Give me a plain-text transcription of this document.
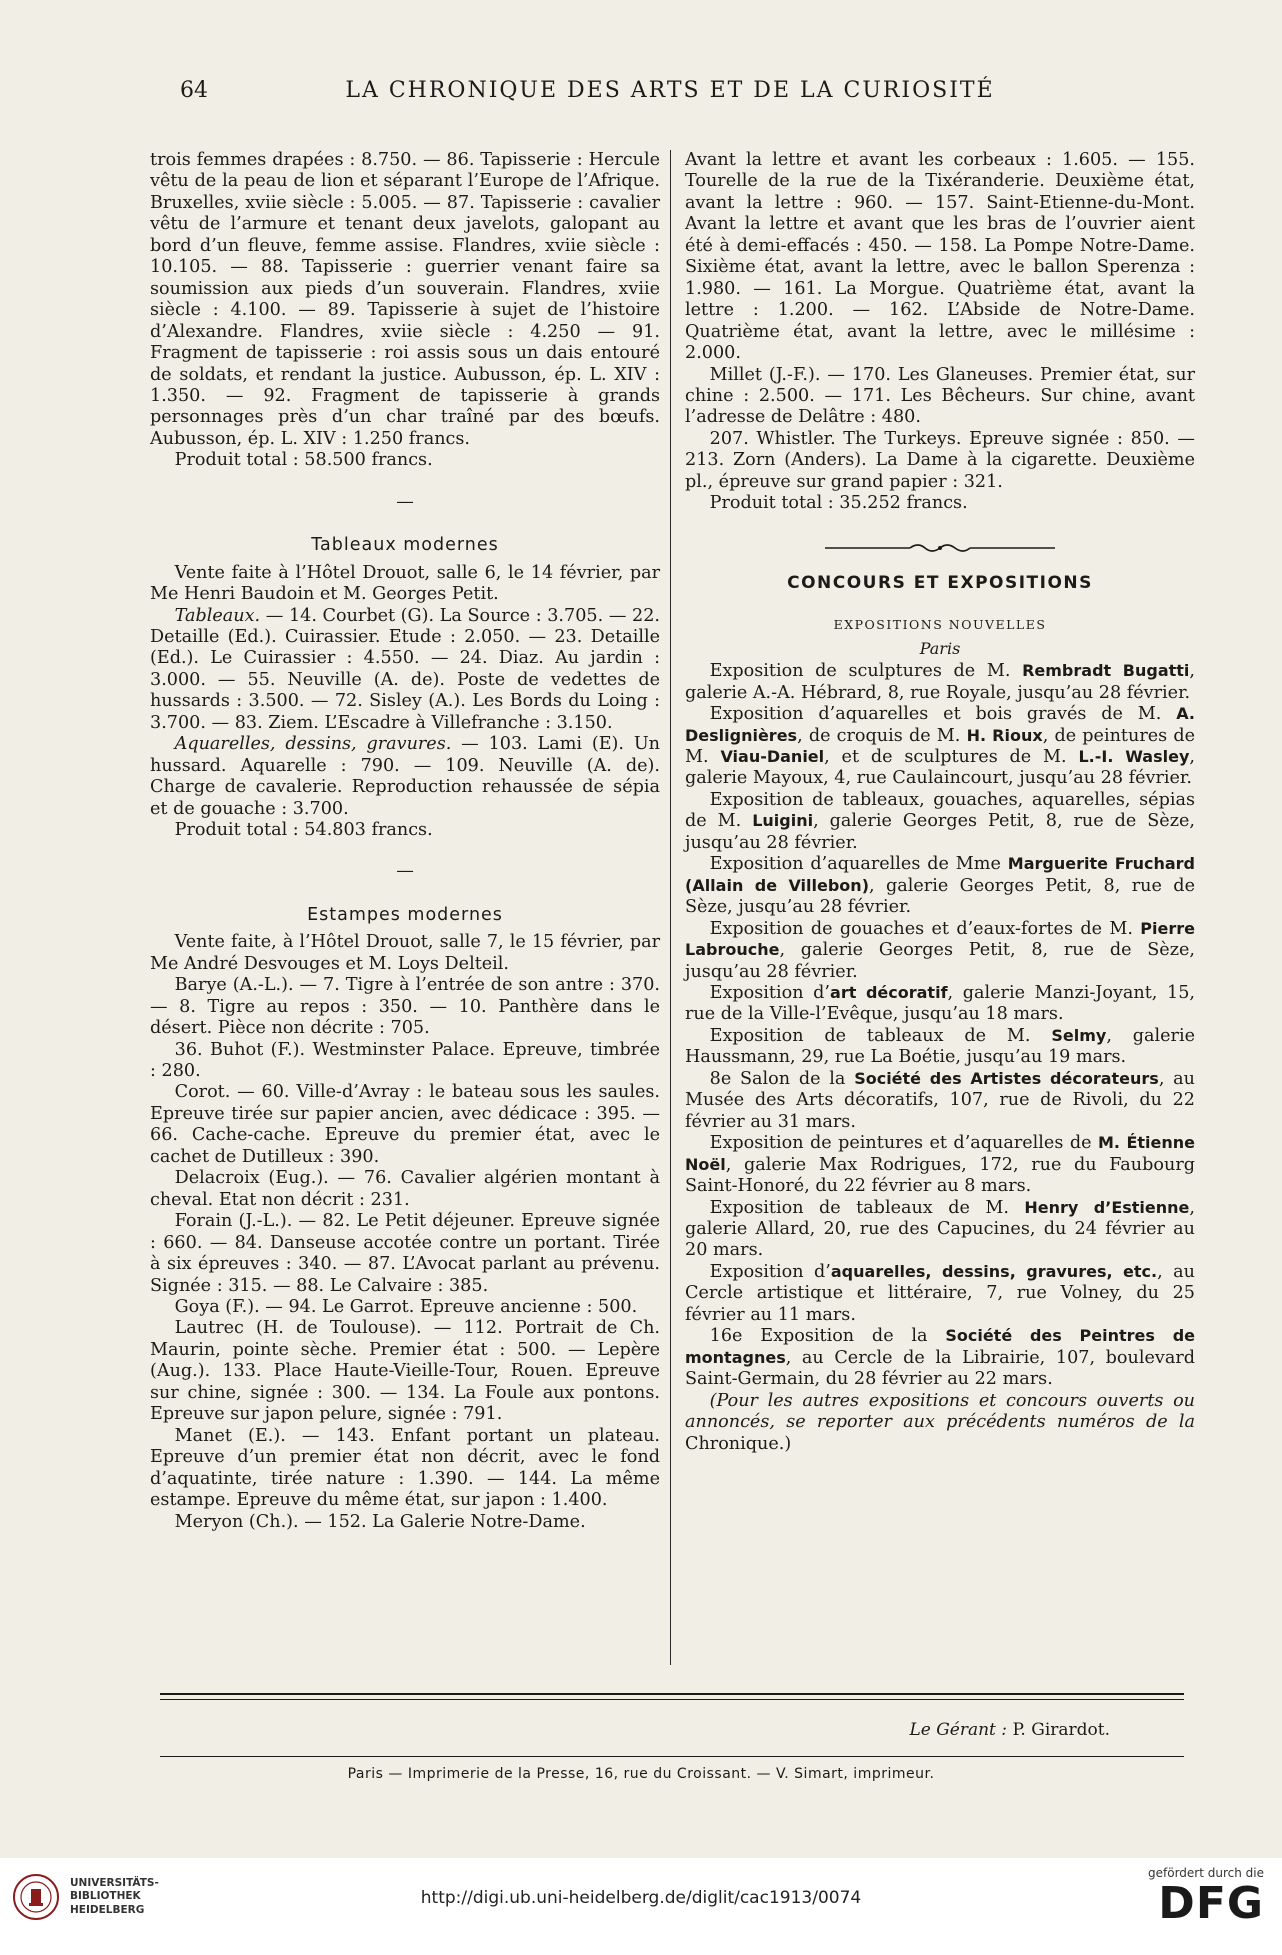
64	LA CHRONIQUE DES ARTS ET DE LA CURIOSITÉ

trois femmes drapées : 8.750. — 86. Tapisserie : Hercule vêtu de la peau de lion et séparant l’Europe de l’Afrique. Bruxelles, xviie siècle : 5.005. — 87. Tapisserie : cavalier vêtu de l’armure et tenant deux javelots, galopant au bord d’un fleuve, femme assise. Flandres, xviie siècle : 10.105. — 88. Tapisserie : guerrier venant faire sa soumission aux pieds d’un souverain. Flandres, xviie siècle : 4.100. — 89. Tapisserie à sujet de l’histoire d’Alexandre. Flandres, xviie siècle : 4.250 — 91. Fragment de tapisserie : roi assis sous un dais entouré de soldats, et rendant la justice. Aubusson, ép. L. XIV : 1.350. — 92. Fragment de tapisserie à grands personnages près d’un char traîné par des bœufs. Aubusson, ép. L. XIV : 1.250 francs.

Produit total : 58.500 francs.

—
Tableaux modernes

Vente faite à l’Hôtel Drouot, salle 6, le 14 février, par Me Henri Baudoin et M. Georges Petit.

Tableaux. — 14. Courbet (G). La Source : 3.705. — 22. Detaille (Ed.). Cuirassier. Etude : 2.050. — 23. Detaille (Ed.). Le Cuirassier : 4.550. — 24. Diaz. Au jardin : 3.000. — 55. Neuville (A. de). Poste de vedettes de hussards : 3.500. — 72. Sisley (A.). Les Bords du Loing : 3.700. — 83. Ziem. L’Escadre à Villefranche : 3.150.

Aquarelles, dessins, gravures. — 103. Lami (E). Un hussard. Aquarelle : 790. — 109. Neuville (A. de). Charge de cavalerie. Reproduction rehaussée de sépia et de gouache : 3.700.

Produit total : 54.803 francs.

—
Estampes modernes

Vente faite, à l’Hôtel Drouot, salle 7, le 15 février, par Me André Desvouges et M. Loys Delteil.

Barye (A.-L.). — 7. Tigre à l’entrée de son antre : 370. — 8. Tigre au repos : 350. — 10. Panthère dans le désert. Pièce non décrite : 705.

36. Buhot (F.). Westminster Palace. Epreuve, timbrée : 280.

Corot. — 60. Ville-d’Avray : le bateau sous les saules. Epreuve tirée sur papier ancien, avec dédicace : 395. — 66. Cache-cache. Epreuve du premier état, avec le cachet de Dutilleux : 390.

Delacroix (Eug.). — 76. Cavalier algérien montant à cheval. Etat non décrit : 231.

Forain (J.-L.). — 82. Le Petit déjeuner. Epreuve signée : 660. — 84. Danseuse accotée contre un portant. Tirée à six épreuves : 340. — 87. L’Avocat parlant au prévenu. Signée : 315. — 88. Le Calvaire : 385.

Goya (F.). — 94. Le Garrot. Epreuve ancienne : 500.

Lautrec (H. de Toulouse). — 112. Portrait de Ch. Maurin, pointe sèche. Premier état : 500. — Lepère (Aug.). 133. Place Haute-Vieille-Tour, Rouen. Epreuve sur chine, signée : 300. — 134. La Foule aux pontons. Epreuve sur japon pelure, signée : 791.

Manet (E.). — 143. Enfant portant un plateau. Epreuve d’un premier état non décrit, avec le fond d’aquatinte, tirée nature : 1.390. — 144. La même estampe. Epreuve du même état, sur japon : 1.400.

Meryon (Ch.). — 152. La Galerie Notre-Dame.

Avant la lettre et avant les corbeaux : 1.605. — 155. Tourelle de la rue de la Tixéranderie. Deuxième état, avant la lettre : 960. — 157. Saint-Etienne-du-Mont. Avant la lettre et avant que les bras de l’ouvrier aient été à demi-effacés : 450. — 158. La Pompe Notre-Dame. Sixième état, avant la lettre, avec le ballon Sperenza : 1.980. — 161. La Morgue. Quatrième état, avant la lettre : 1.200. — 162. L’Abside de Notre-Dame. Quatrième état, avant la lettre, avec le millésime : 2.000.

Millet (J.-F.). — 170. Les Glaneuses. Premier état, sur chine : 2.500. — 171. Les Bêcheurs. Sur chine, avant l’adresse de Delâtre : 480.

207. Whistler. The Turkeys. Epreuve signée : 850. — 213. Zorn (Anders). La Dame à la cigarette. Deuxième pl., épreuve sur grand papier : 321.

Produit total : 35.252 francs.

CONCOURS ET EXPOSITIONS
EXPOSITIONS NOUVELLES
Paris

Exposition de sculptures de M. Rembradt Bugatti, galerie A.-A. Hébrard, 8, rue Royale, jusqu’au 28 février.

Exposition d’aquarelles et bois gravés de M. A. Deslignières, de croquis de M. H. Rioux, de peintures de M. Viau-Daniel, et de sculptures de M. L.-I. Wasley, galerie Mayoux, 4, rue Caulaincourt, jusqu’au 28 février.

Exposition de tableaux, gouaches, aquarelles, sépias de M. Luigini, galerie Georges Petit, 8, rue de Sèze, jusqu’au 28 février.

Exposition d’aquarelles de Mme Marguerite Fruchard (Allain de Villebon), galerie Georges Petit, 8, rue de Sèze, jusqu’au 28 février.

Exposition de gouaches et d’eaux-fortes de M. Pierre Labrouche, galerie Georges Petit, 8, rue de Sèze, jusqu’au 28 février.

Exposition d’art décoratif, galerie Manzi-Joyant, 15, rue de la Ville-l’Evêque, jusqu’au 18 mars.

Exposition de tableaux de M. Selmy, galerie Haussmann, 29, rue La Boétie, jusqu’au 19 mars.

8e Salon de la Société des Artistes décorateurs, au Musée des Arts décoratifs, 107, rue de Rivoli, du 22 février au 31 mars.

Exposition de peintures et d’aquarelles de M. Étienne Noël, galerie Max Rodrigues, 172, rue du Faubourg Saint-Honoré, du 22 février au 8 mars.

Exposition de tableaux de M. Henry d’Estienne, galerie Allard, 20, rue des Capucines, du 24 février au 20 mars.

Exposition d’aquarelles, dessins, gravures, etc., au Cercle artistique et littéraire, 7, rue Volney, du 25 février au 11 mars.

16e Exposition de la Société des Peintres de montagnes, au Cercle de la Librairie, 107, boulevard Saint-Germain, du 28 février au 22 mars.

(Pour les autres expositions et concours ouverts ou annoncés, se reporter aux précédents numéros de la Chronique.)

Le Gérant : P. Girardot.
Paris — Imprimerie de la Presse, 16, rue du Croissant. — V. Simart, imprimeur.
UNIVERSITÄTS-
BIBLIOTHEK
HEIDELBERG
http://digi.ub.uni-heidelberg.de/diglit/cac1913/0074
gefördert durch die
DFG
